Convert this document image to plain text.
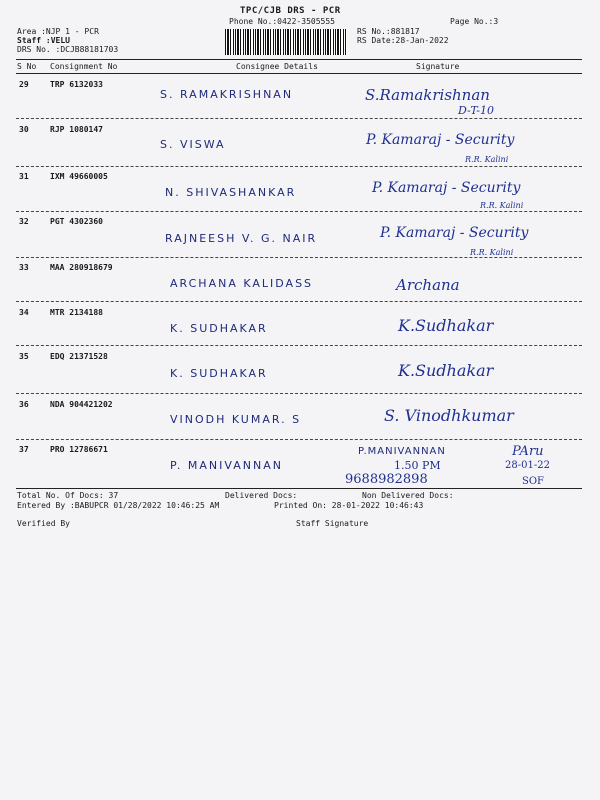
TPC/CJB DRS - PCR
Phone No.:0422-3505555	Page No.:3
Area :NJP 1 - PCR
Staff :VELU
DRS No. :DCJB88181703
RS No.:881817
RS Date:28-Jan-2022
S No Consignment No	Consignee Details	Signature
29	TRP 6132033
S. RAMAKRISHNAN	S.Ramakrishnan
D-T-10
30	RJP 1080147
S. VISWA	P. Kamaraj - Security
R.R. Kalini
31	IXM 49660005
N. SHIVASHANKAR	P. Kamaraj - Security
R.R. Kalini
32	PGT 4302360
RAJNEESH V. G. NAIR	P. Kamaraj - Security
R.R. Kalini
33	MAA 280918679
ARCHANA KALIDASS	Archana
34	MTR 2134188
K. SUDHAKAR	K.Sudhakar
35	EDQ 21371528
K. SUDHAKAR	K.Sudhakar
36	NDA 904421202
VINODH KUMAR. S	S. Vinodhkumar
37	PRO 12786671
P. MANIVANNAN
P.MANIVANNAN
1.50 PM
9688982898
PAru
28-01-22
SOF
Total No. Of Docs: 37	Delivered Docs:	Non Delivered Docs:
Entered By :BABUPCR 01/28/2022 10:46:25 AM	Printed On: 28-01-2022 10:46:43
Verified By	Staff Signature
